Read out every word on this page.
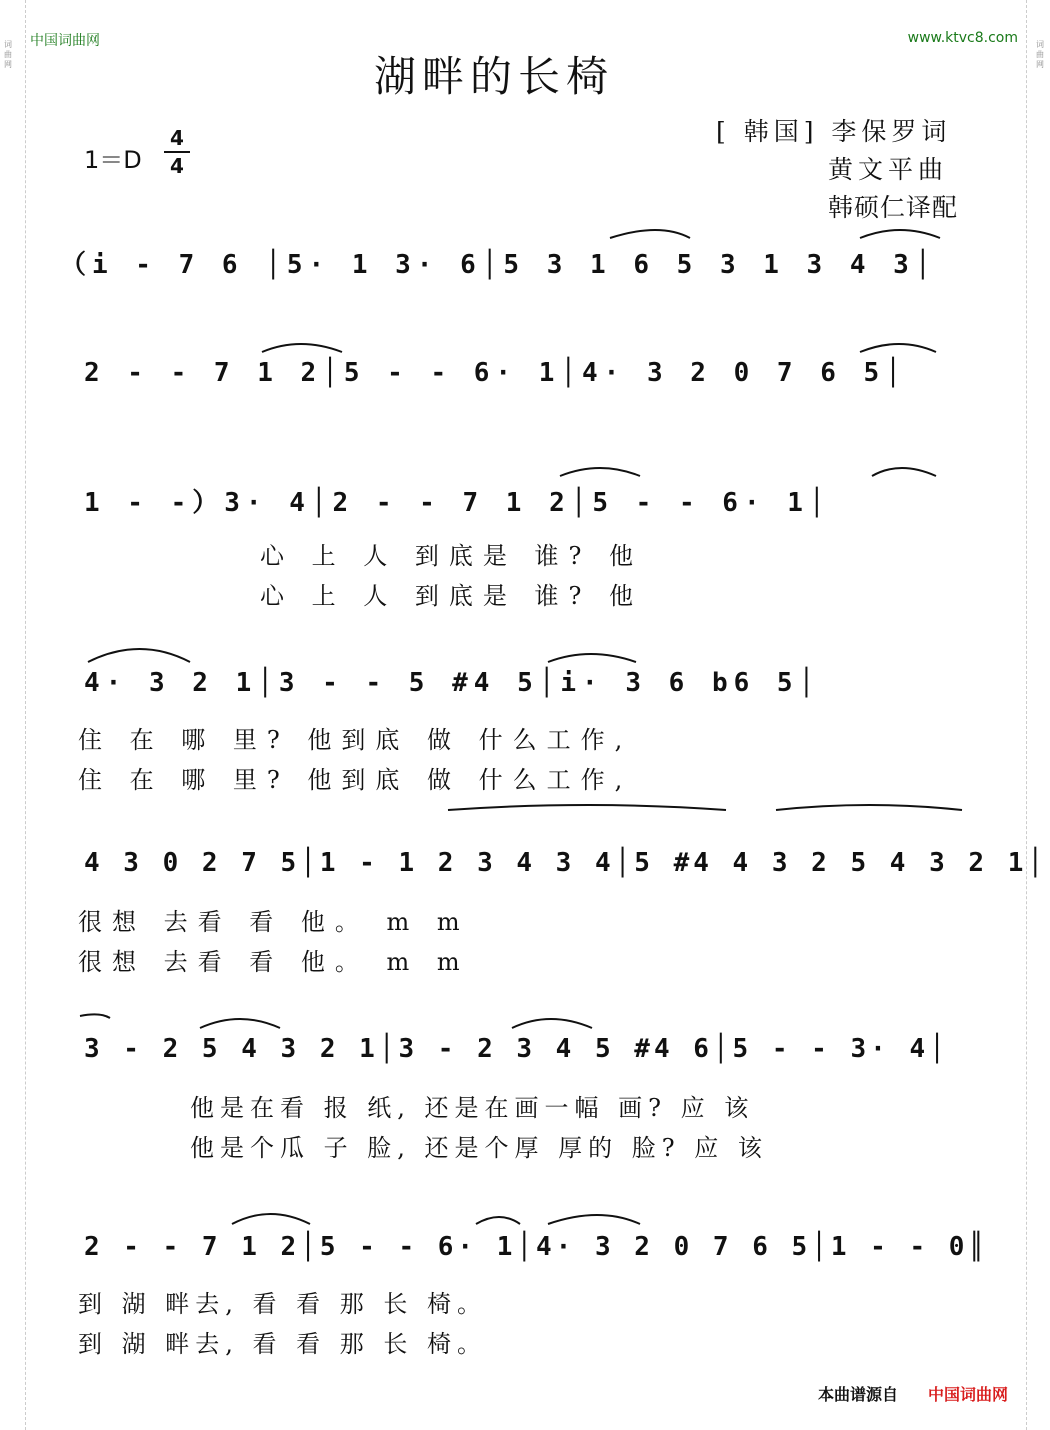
中国词曲网	www.ktvc8.com
湖畔的长椅
1＝D
4
4
[ 韩国] 李保罗词
黄文平曲
韩硕仁译配
（i - 7 6 │5· 1 3· 6│5 3 1 6 5 3 1 3 4 3│
2 - - 7 1 2│5 - - 6· 1│4· 3 2 0 7 6 5│
1 - -）3· 4│2 - - 7 1 2│5 - - 6· 1│
心 上 人 到底是 谁? 他
心 上 人 到底是 谁? 他
4· 3 2 1│3 - - 5 #4 5│i· 3 6 b6 5│
住 在 哪 里? 他到底 做 什么工作,
住 在 哪 里? 他到底 做 什么工作,
4 3 0 2 7 5│1 - 1 2 3 4 3 4│5 #4 4 3 2 5 4 3 2 1│
很想 去看 看 他。 m m
很想 去看 看 他。 m m
3 - 2 5 4 3 2 1│3 - 2 3 4 5 #4 6│5 - - 3· 4│
他是在看 报 纸, 还是在画一幅 画? 应 该
他是个瓜 子 脸, 还是个厚 厚的 脸? 应 该
2 - - 7 1 2│5 - - 6· 1│4· 3 2 0 7 6 5│1 - - 0║
到 湖 畔去, 看 看 那 长 椅。
到 湖 畔去, 看 看 那 长 椅。
本曲谱源自 中国词曲网
词曲网
词曲网
